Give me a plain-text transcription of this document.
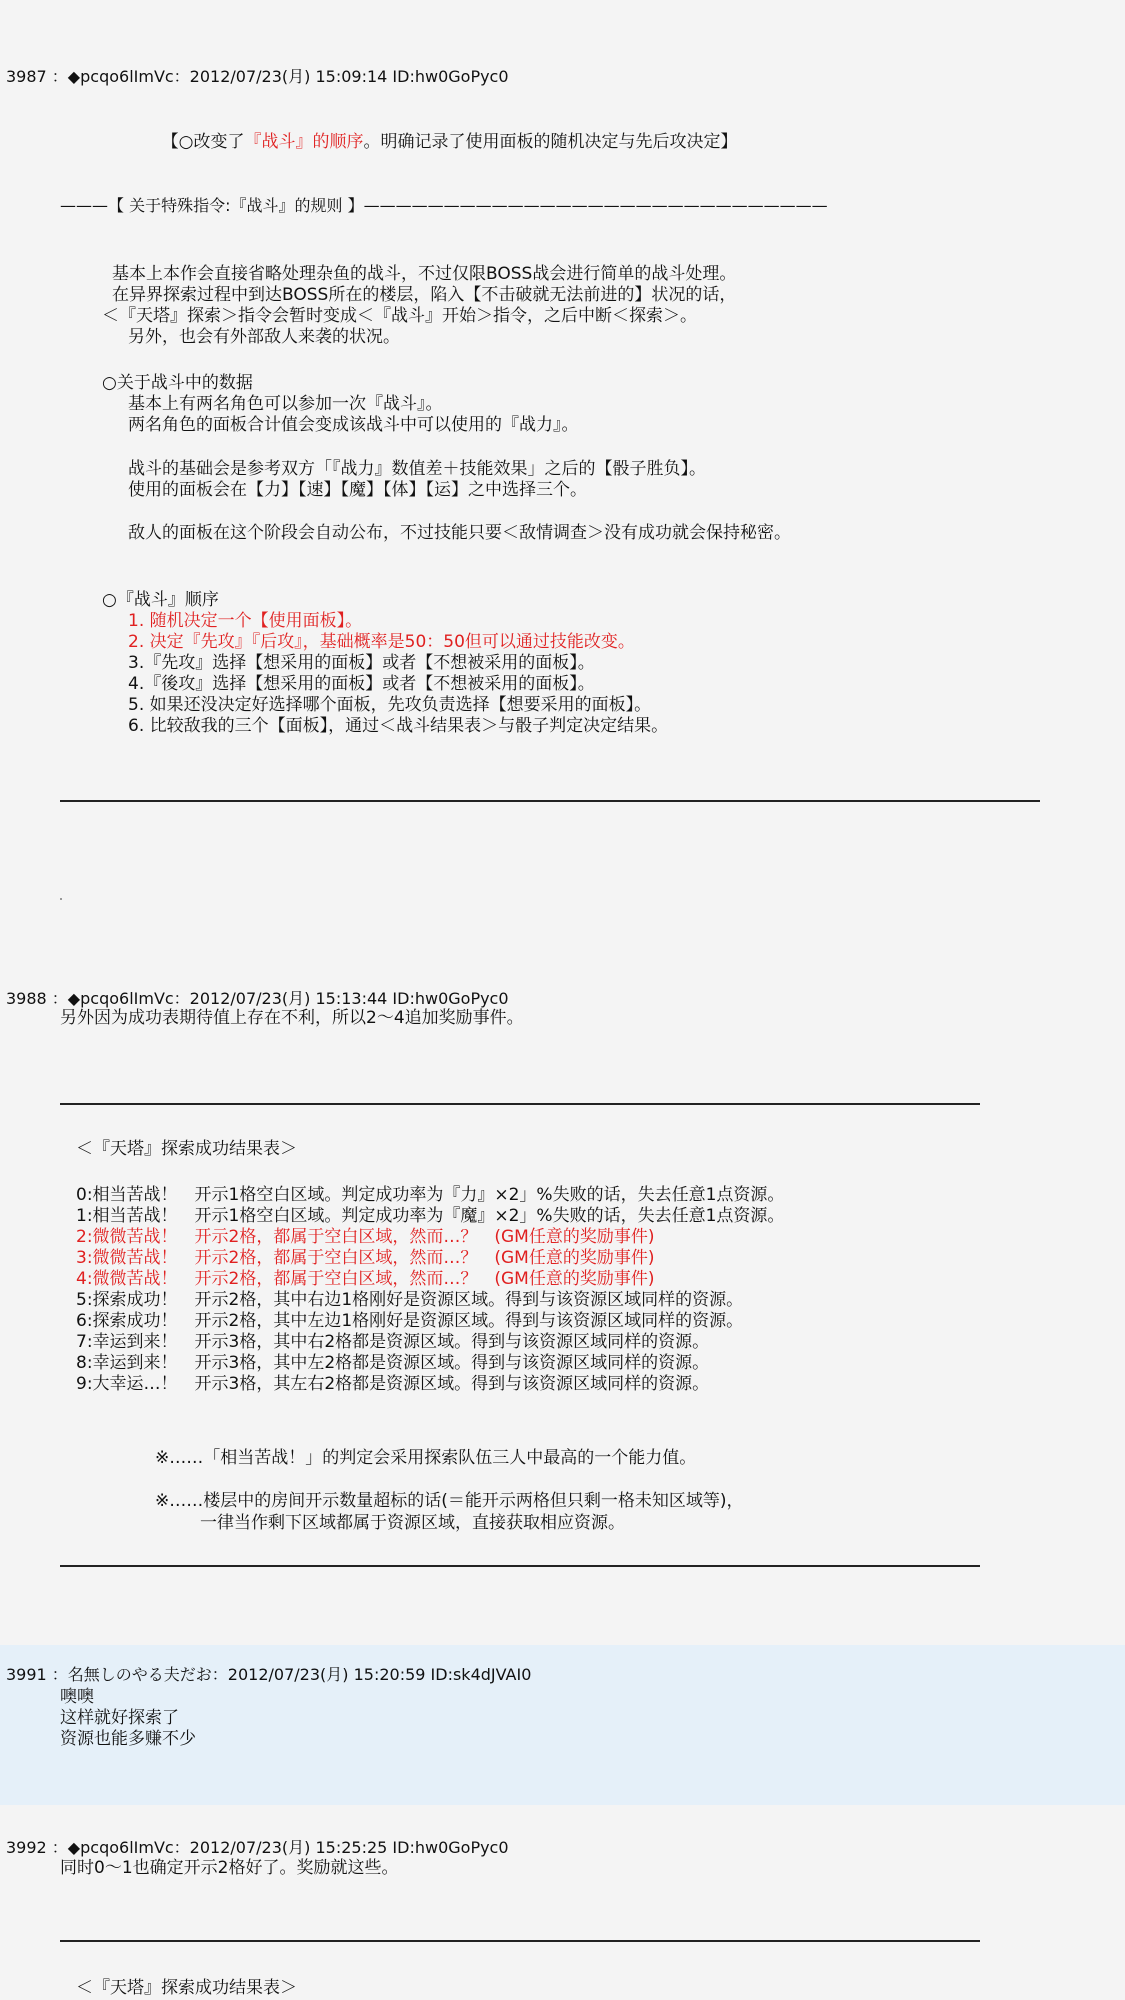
3987 ：◆pcqo6lImVc：2012/07/23(月) 15:09:14 ID:hw0GoPyc0

【○改变了『战斗』的顺序。明确记录了使用面板的随机决定与先后攻决定】

———【 关于特殊指令:『战斗』的规则 】—————————————————————————————
基本上本作会直接省略处理杂鱼的战斗，不过仅限BOSS战会进行简单的战斗处理。
在异界探索过程中到达BOSS所在的楼层，陷入【不击破就无法前进的】状况的话，
＜『天塔』探索＞指令会暂时变成＜『战斗』开始＞指令，之后中断＜探索＞。
另外，也会有外部敌人来袭的状况。
○关于战斗中的数据
基本上有两名角色可以参加一次『战斗』。
两名角色的面板合计值会变成该战斗中可以使用的『战力』。
战斗的基础会是参考双方「『战力』数值差＋技能效果」之后的【骰子胜负】。
使用的面板会在【力】【速】【魔】【体】【运】之中选择三个。
敌人的面板在这个阶段会自动公布，不过技能只要＜敌情调查＞没有成功就会保持秘密。
○『战斗』顺序
1. 随机决定一个【使用面板】。
2. 决定『先攻』『后攻』，基础概率是50：50但可以通过技能改变。
3.『先攻』选择【想采用的面板】或者【不想被采用的面板】。
4.『後攻』选择【想采用的面板】或者【不想被采用的面板】。
5. 如果还没决定好选择哪个面板，先攻负责选择【想要采用的面板】。
6. 比较敌我的三个【面板】，通过＜战斗结果表＞与骰子判定决定结果。
3988 ：◆pcqo6lImVc：2012/07/23(月) 15:13:44 ID:hw0GoPyc0
另外因为成功表期待值上存在不利，所以2～4追加奖励事件。
＜『天塔』探索成功结果表＞
0:相当苦战！　开示1格空白区域。判定成功率为『力』×2」%失败的话，失去任意1点资源。
1:相当苦战！　开示1格空白区域。判定成功率为『魔』×2」%失败的话，失去任意1点资源。
2:微微苦战！　开示2格，都属于空白区域，然而…？　(GM任意的奖励事件)
3:微微苦战！　开示2格，都属于空白区域，然而…？　(GM任意的奖励事件)
4:微微苦战！　开示2格，都属于空白区域，然而…？　(GM任意的奖励事件)
5:探索成功！　开示2格，其中右边1格刚好是资源区域。得到与该资源区域同样的资源。
6:探索成功！　开示2格，其中左边1格刚好是资源区域。得到与该资源区域同样的资源。
7:幸运到来！　开示3格，其中右2格都是资源区域。得到与该资源区域同样的资源。
8:幸运到来！　开示3格，其中左2格都是资源区域。得到与该资源区域同样的资源。
9:大幸运…！　开示3格，其左右2格都是资源区域。得到与该资源区域同样的资源。
※……「相当苦战！」的判定会采用探索队伍三人中最高的一个能力值。
※……楼层中的房间开示数量超标的话(＝能开示两格但只剩一格未知区域等)，
一律当作剩下区域都属于资源区域，直接获取相应资源。
3991 ：名無しのやる夫だお：2012/07/23(月) 15:20:59 ID:sk4dJVAI0
噢噢
这样就好探索了
资源也能多赚不少
3992 ：◆pcqo6lImVc：2012/07/23(月) 15:25:25 ID:hw0GoPyc0
同时0～1也确定开示2格好了。奖励就这些。
＜『天塔』探索成功结果表＞
